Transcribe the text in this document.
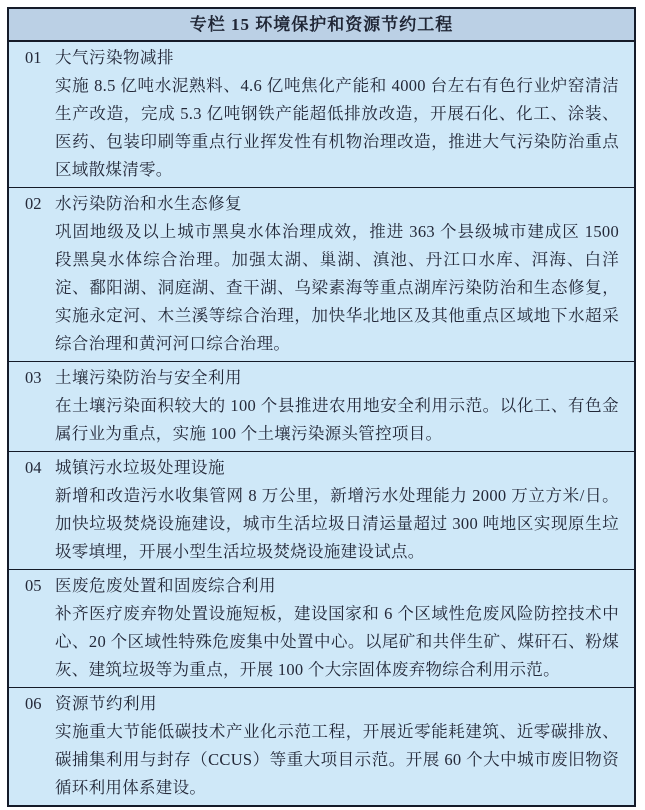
专栏 15 环境保护和资源节约工程
01 大气污染物减排
实施 8.5 亿吨水泥熟料、4.6 亿吨焦化产能和 4000 台左右有色行业炉窑清洁生产改造，完成 5.3 亿吨钢铁产能超低排放改造，开展石化、化工、涂装、医药、包装印刷等重点行业挥发性有机物治理改造，推进大气污染防治重点区域散煤清零。
02 水污染防治和水生态修复
巩固地级及以上城市黑臭水体治理成效，推进 363 个县级城市建成区 1500 段黑臭水体综合治理。加强太湖、巢湖、滇池、丹江口水库、洱海、白洋淀、鄱阳湖、洞庭湖、查干湖、乌梁素海等重点湖库污染防治和生态修复，实施永定河、木兰溪等综合治理，加快华北地区及其他重点区域地下水超采综合治理和黄河河口综合治理。
03 土壤污染防治与安全利用
在土壤污染面积较大的 100 个县推进农用地安全利用示范。以化工、有色金属行业为重点，实施 100 个土壤污染源头管控项目。
04 城镇污水垃圾处理设施
新增和改造污水收集管网 8 万公里，新增污水处理能力 2000 万立方米/日。加快垃圾焚烧设施建设，城市生活垃圾日清运量超过 300 吨地区实现原生垃圾零填埋，开展小型生活垃圾焚烧设施建设试点。
05 医废危废处置和固废综合利用
补齐医疗废弃物处置设施短板，建设国家和 6 个区域性危废风险防控技术中心、20 个区域性特殊危废集中处置中心。以尾矿和共伴生矿、煤矸石、粉煤灰、建筑垃圾等为重点，开展 100 个大宗固体废弃物综合利用示范。
06 资源节约利用
实施重大节能低碳技术产业化示范工程，开展近零能耗建筑、近零碳排放、碳捕集利用与封存（CCUS）等重大项目示范。开展 60 个大中城市废旧物资循环利用体系建设。
